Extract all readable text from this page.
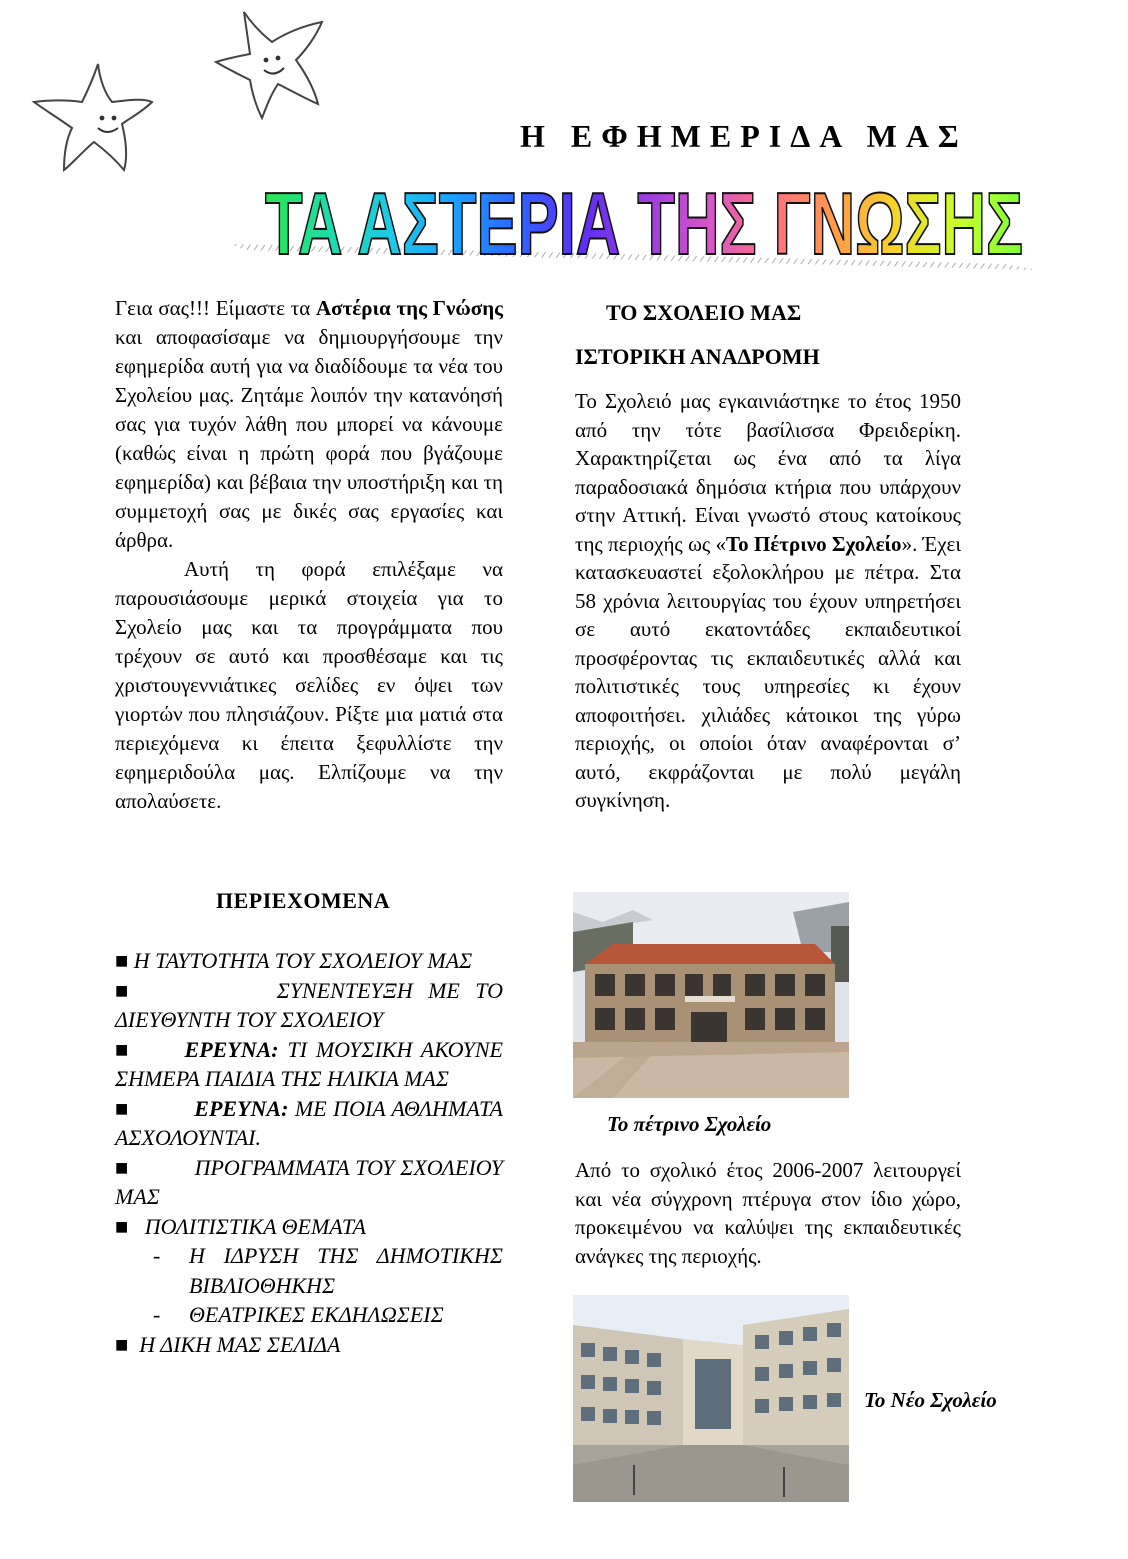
Η ΕΦΗΜΕΡΙΔΑ ΜΑΣ
ΤΑ ΑΣΤΕΡΙΑ ΤΗΣ ΓΝΩΣΗΣ

Γεια σας!!! Είμαστε τα Αστέρια της Γνώσης και αποφασίσαμε να δημιουργήσουμε την εφημερίδα αυτή για να διαδίδουμε τα νέα του Σχολείου μας. Ζητάμε λοιπόν την κατανόησή σας για τυχόν λάθη που μπορεί να κάνουμε (καθώς είναι η πρώτη φορά που βγάζουμε εφημερίδα) και βέβαια την υποστήριξη και τη συμμετοχή σας με δικές σας εργασίες και άρθρα.

Αυτή τη φορά επιλέξαμε να παρουσιάσουμε μερικά στοιχεία για το Σχολείο μας και τα προγράμματα που τρέχουν σε αυτό και προσθέσαμε και τις χριστουγεννιάτικες σελίδες εν όψει των γιορτών που πλησιάζουν. Ρίξτε μια ματιά στα περιεχόμενα κι έπειτα ξεφυλλίστε την εφημεριδούλα μας. Ελπίζουμε να την απολαύσετε.

ΠΕΡΙΕΧΟΜΕΝΑ
■ Η ΤΑΥΤΟΤΗΤΑ ΤΟΥ ΣΧΟΛΕΙΟΥ ΜΑΣ
■	ΣΥΝΕΝΤΕΥΞΗ ΜΕ ΤΟ ΔΙΕΥΘΥΝΤΗ ΤΟΥ ΣΧΟΛΕΙΟΥ
■ ΕΡΕΥΝΑ: ΤΙ ΜΟΥΣΙΚΗ ΑΚΟΥΝΕ ΣΗΜΕΡΑ ΠΑΙΔΙΑ ΤΗΣ ΗΛΙΚΙΑ ΜΑΣ
■	ΕΡΕΥΝΑ: ΜΕ ΠΟΙΑ ΑΘΛΗΜΑΤΑ ΑΣΧΟΛΟΥΝΤΑΙ.
■	ΠΡΟΓΡΑΜΜΑΤΑ ΤΟΥ ΣΧΟΛΕΙΟΥ ΜΑΣ
■ ΠΟΛΙΤΙΣΤΙΚΑ ΘΕΜΑΤΑ
- Η ΙΔΡΥΣΗ ΤΗΣ ΔΗΜΟΤΙΚΗΣ ΒΙΒΛΙΟΘΗΚΗΣ
- ΘΕΑΤΡΙΚΕΣ ΕΚΔΗΛΩΣΕΙΣ
■ Η ΔΙΚΗ ΜΑΣ ΣΕΛΙΔΑ
ΤΟ ΣΧΟΛΕΙΟ ΜΑΣ
ΙΣΤΟΡΙΚΗ ΑΝΑΔΡΟΜΗ

Το Σχολειό μας εγκαινιάστηκε το έτος 1950 από την τότε βασίλισσα Φρειδερίκη. Χαρακτηρίζεται ως ένα από τα λίγα παραδοσιακά δημόσια κτήρια που υπάρχουν στην Αττική. Είναι γνωστό στους κατοίκους της περιοχής ως «Το Πέτρινο Σχολείο». Έχει κατασκευαστεί εξολοκλήρου με πέτρα. Στα 58 χρόνια λειτουργίας του έχουν υπηρετήσει σε αυτό εκατοντάδες εκπαιδευτικοί προσφέροντας τις εκπαιδευτικές αλλά και πολιτιστικές τους υπηρεσίες κι έχουν αποφοιτήσει. χιλιάδες κάτοικοι της γύρω περιοχής, οι οποίοι όταν αναφέρονται σ’ αυτό, εκφράζονται με πολύ μεγάλη συγκίνηση.

Το πέτρινο Σχολείο

Από το σχολικό έτος 2006-2007 λειτουργεί και νέα σύγχρονη πτέρυγα στον ίδιο χώρο, προκειμένου να καλύψει της εκπαιδευτικές ανάγκες της περιοχής.

Το Νέο Σχολείο
